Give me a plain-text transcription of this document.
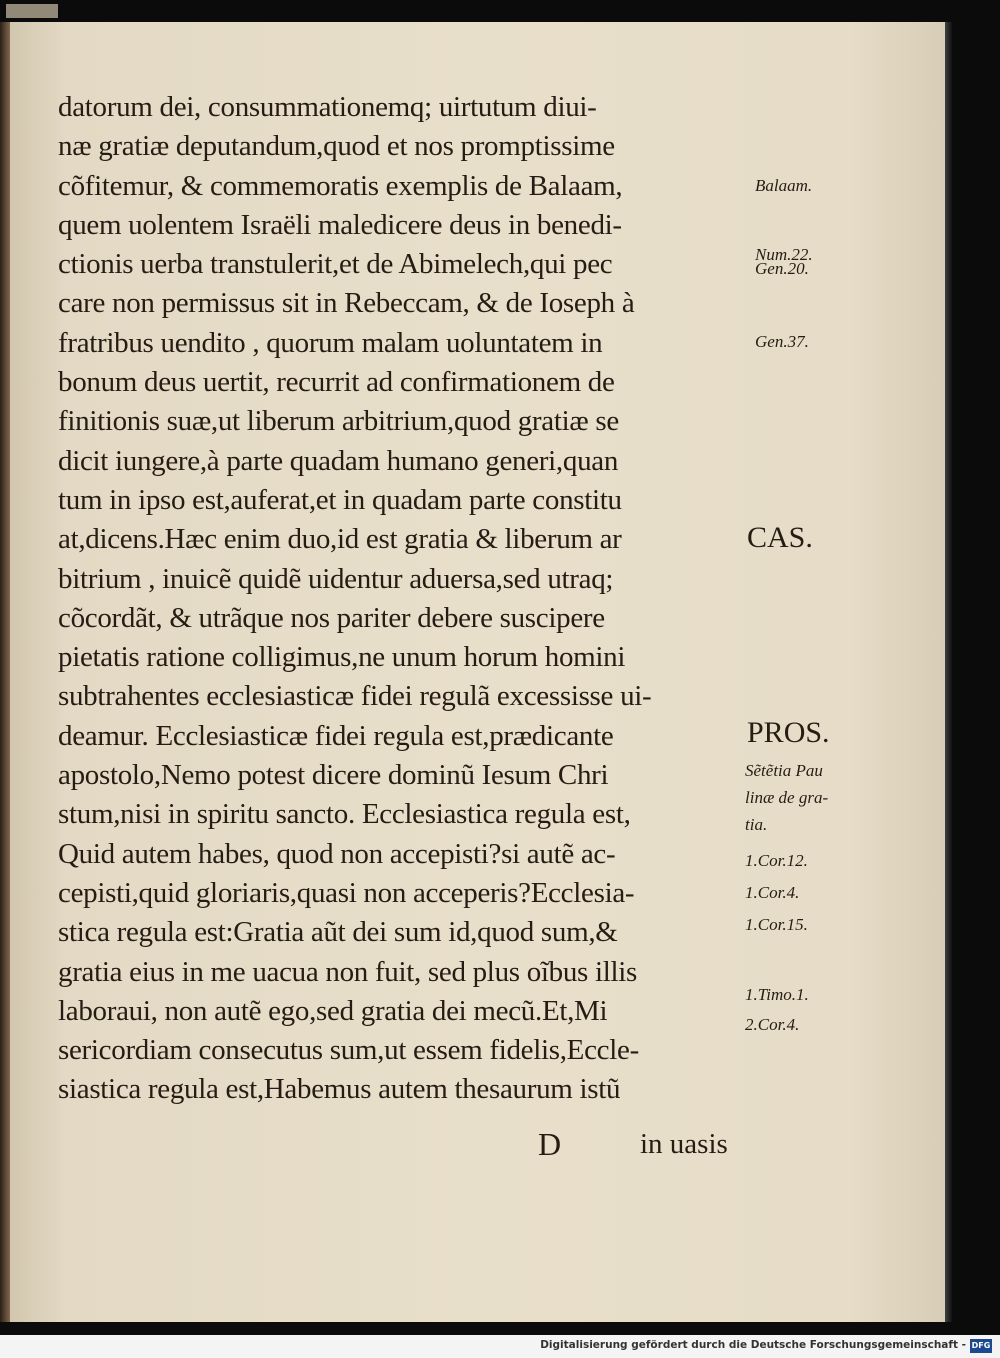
datorum dei, consummationemq; uirtutum diui-
næ gratiæ deputandum,quod et nos promptissime
cõfitemur, & commemoratis exemplis de Balaam,
quem uolentem Israëli maledicere deus in benedi-
ctionis uerba transtulerit,et de Abimelech,qui pec
care non permissus sit in Rebeccam, & de Ioseph à
fratribus uendito , quorum malam uoluntatem in
bonum deus uertit, recurrit ad confirmationem de
finitionis suæ,ut liberum arbitrium,quod gratiæ se
dicit iungere,à parte quadam humano generi,quan
tum in ipso est,auferat,et in quadam parte constitu
at,dicens.Hæc enim duo,id est gratia & liberum ar
bitrium , inuicẽ quidẽ uidentur aduersa,sed utraq;
cõcordãt, & utrãque nos pariter debere suscipere
pietatis ratione colligimus,ne unum horum homini
subtrahentes ecclesiasticæ fidei regulã excessisse ui-
deamur. Ecclesiasticæ fidei regula est,prædicante
apostolo,Nemo potest dicere dominũ Iesum Chri
stum,nisi in spiritu sancto. Ecclesiastica regula est,
Quid autem habes, quod non accepisti?si autẽ ac-
cepisti,quid gloriaris,quasi non acceperis?Ecclesia-
stica regula est:Gratia aũt dei sum id,quod sum,&
gratia eius in me uacua non fuit, sed plus oĩbus illis
laboraui, non autẽ ego,sed gratia dei mecũ.Et,Mi
sericordiam consecutus sum,ut essem fidelis,Eccle-
siastica regula est,Habemus autem thesaurum istũ
D	in uasis
Balaam.
Num.22.
Gen.20.
Gen.37.
CAS.
PROS.
Sẽtẽtia Pau
linæ de gra-
tia.
1.Cor.12.
1.Cor.4.
1.Cor.15.
1.Timo.1.
2.Cor.4.
Digitalisierung gefördert durch die Deutsche Forschungsgemeinschaft - DFG
